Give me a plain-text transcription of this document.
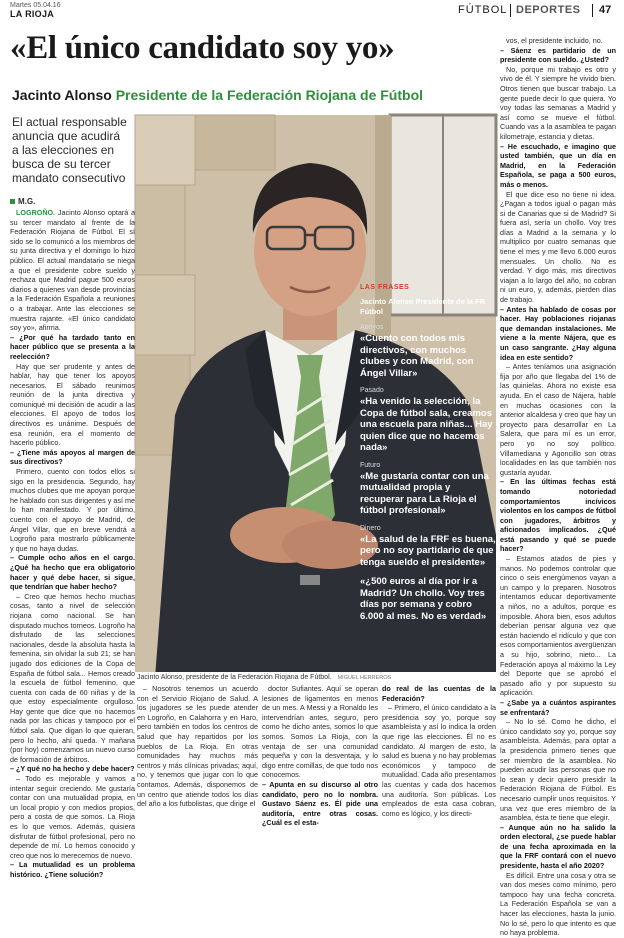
Martes 05.04.16
LA RIOJA	FÚTBOL DEPORTES 47
«El único candidato soy yo»
Jacinto Alonso Presidente de la Federación Riojana de Fútbol
El actual responsable anuncia que acudirá a las elecciones en busca de su tercer mandato consecutivo
M.G.

LOGROÑO. Jacinto Alonso optará a su tercer mandato al frente de la Federación Riojana de Fútbol. El sí sido se lo comunicó a los miembros de su junta directiva y el domingo lo hizo público. El actual mandatario se niega a que el presidente cobre sueldo y rechaza que Madrid pague 500 euros diarios a quienes van desde provincias a la Federación Española a reuniones o a trabajar. Ante las elecciones se muestra rajante. «El único candidato soy yo», afirma.

– ¿Por qué ha tardado tanto en hacer público que se presenta a la reelección?

Hay que ser prudente y antes de hablar, hay que tener los apoyos necesarios. El sábado reunimos reunión de la junta directiva y comuniqué mi decisión de acudir a las elecciones. El apoyo de todos los directivos es unánime. Después de esa reunión, era el momento de hacerlo público.

– ¿Tiene más apoyos al margen de sus directivos?

Primero, cuento con todos ellos si sigo en la presidencia. Segundo, hay muchos clubes que me apoyan porque he hablado con sus dirigentes y así me lo han manifestado. Y por último, cuento con el apoyo de Madrid, de Ángel Villar, que en breve vendrá a Logroño para mostrarlo públicamente y que no haya dudas.

– Cumple ocho años en el cargo. ¿Qué ha hecho que era obligatorio hacer y qué debe hacer, si sigue, que tendrían que haber hecho?

– Creo que hemos hecho muchas cosas, tanto a nivel de selección riojana como nacional. Se han disputado muchos torneos. Logroño ha disfrutado de las selecciones nacionales, desde la absoluta hasta la femenina, sin olvidar la sub 21; se han jugado dos ediciones de la Copa de España de fútbol sala... Hemos creado la escuela de fútbol femenino, que cuenta con cada de 60 niñas y de la que estoy especialmente orgulloso. Hay gente que dice que no hacemos nada por las chicas y tampoco por el fútbol sala. Que digan lo que quieran, pero lo hecho, ahí queda. Y mañana (por hoy) comenzamos un nuevo curso de formación de árbitros.

– ¿Y qué no ha hecho y debe hacer?

– Todo es mejorable y vamos a intentar seguir creciendo. Me gustaría contar con una mutualidad propia, en un local propio y con medios propios, pero a costa de que somos. La Rioja es lo que vemos. Además, quisiera disfrutar de fútbol profesional, pero no depende de mí. Lo hemos conocido y creo que nos lo merecemos de nuevo.

– La mutualidad es un problema histórico. ¿Tiene solución?

Jacinto Alonso, presidente de la Federación Riojana de Fútbol. MIGUEL HERREROS
LAS FRASES
Jacinto Alonso Presidente de la FR Fútbol
Apoyos
«Cuento con todos mis directivos, con muchos clubes y con Madrid, con Ángel Villar»
Pasado
«Ha venido la selección, la Copa de fútbol sala, creamos una escuela para niñas... Hay quien dice que no hacemos nada»
Futuro
«Me gustaría contar con una mutualidad propia y recuperar para La Rioja el fútbol profesional»
Dinero
«La salud de la FRF es buena, pero no soy partidario de que tenga sueldo el presidente»
«¿500 euros al día por ir a Madrid? Un chollo. Voy tres días por semana y cobro 6.000 al mes. No es verdad»

– Nosotros tenemos un acuerdo con el Servicio Riojano de Salud. A los jugadores se les puede atender en Logroño, en Calahorra y en Haro, pero también en todos los centros de salud que hay repartidos por los pueblos de La Rioja. En otras comunidades hay muchos más centros y más clínicas privadas; aquí, no, y tenemos que jugar con lo que contamos. Además, disponemos de un centro que atiende todos los días del año a los futbolistas, que dirige el

doctor Sufiantes. Aquí se operan lesiones de ligamentos en menos de un mes. A Messi y a Ronaldo les intervendrían antes, seguro, pero como he dicho antes, somos lo que somos. Somos La Rioja, con la ventaja de ser una comunidad pequeña y con la desventaja, y lo digo entre comillas, de que todo nos conocemos.

– Apunta en su discurso al otro candidato, pero no lo nombra. Gustavo Sáenz es. Él pide una auditoría, entre otras cosas. ¿Cuál es el esta-

do real de las cuentas de la Federación?

– Primero, el único candidato a la presidencia soy yo, porque soy asambleísta y así lo indica la orden que rige las elecciones. Él no es candidato. Al margen de esto, la salud es buena y no hay problemas económicos y tampoco de mutualidad. Cada año presentamos las cuentas y cada dos hacemos una auditoría. Son públicas. Los empleados de esta casa cobran, como es lógico, y los directi-

vos, el presidente incluido, no.

– Sáenz es partidario de un presidente con sueldo. ¿Usted?

No, porque mi trabajo es otro y vivo de él. Y siempre he vivido bien. Otros tienen que buscar trabajo. La gente puede decir lo que quiera. Yo voy todas las semanas a Madrid y así como se mueve el fútbol. Cuando vas a la asamblea te pagan kilometraje, estancia y dietas.

– He escuchado, e imagino que usted también, que un día en Madrid, en la Federación Española, se paga a 500 euros, más o menos.

El que dice eso no tiene ni idea. ¿Pagan a todos igual o pagan más si de Canarias que si de Madrid? Si fuera así, sería un chollo. Voy tres días a Madrid a la semana y lo multiplico por cuatro semanas que tiene el mes y me llevo 6.000 euros mensuales. Un chollo. No es verdad. Y digo más, mis directivos viajan a lo largo del año, no cobran ni un euro, y, además, pierden días de trabajo.

– Antes ha hablado de cosas por hacer. Hay poblaciones riojanas que demandan instalaciones. Me viene a la mente Nájera, que es un caso sangrante. ¿Hay alguna idea en este sentido?

– Antes teníamos una asignación fija por año que llegaba del 1% de las quinielas. Ahora no existe esa ayuda. En el caso de Nájera, hable en muchas ocasiones con la anterior alcaldesa y creo que hay un proyecto para desarrollar en La Salera, que para mí es un error, pero yo no soy político. Villamediana y Agoncillo son otras localidades en las que también nos gustaría ayudar.

– En las últimas fechas está tomando notoriedad comportamientos incívicos violentos en los campos de fútbol con jugadores, árbitros y aficionados implicados. ¿Qué está pasando y qué se puede hacer?

– Estamos atados de pies y manos. No podemos controlar que cinco o seis energúmenos vayan a un campo y lo preparen. Nosotros intentamos educar deportivamente a niños, no a adultos, porque es imposible. Ahora bien, esos adultos deberían pensar alguna vez que están haciendo el ridículo y que con esos comportamientos avergüenzan a su hijo, sobrino, nieto... La Federación apoya al máximo la Ley del Deporte que se aprobó el pasado año y por supuesto su aplicación.

– ¿Sabe ya a cuántos aspirantes se enfrentará?

– No lo sé. Como he dicho, el único candidato soy yo, porque soy asambleísta. Además, para optar a la presidencia primero tienes que ser miembro de la asamblea. No pueden acudir las personas que no lo sean y decir quiero presidir la Federación Riojana de Fútbol. Es necesario cumplir unos requisitos. Y una vez que eres miembro de la asamblea, ésta te tiene que elegir.

– Aunque aún no ha salido la orden electoral, ¿se puede hablar de una fecha aproximada en la que la FRF contará con el nuevo presidente, hasta el año 2020?

Es difícil. Entre una cosa y otra se van dos meses como mínimo, pero tampoco hay una fecha concreta. La Federación Española se van a hacer las elecciones, hasta la junio. No lo sé, pero lo que intento es que no haya problema.
